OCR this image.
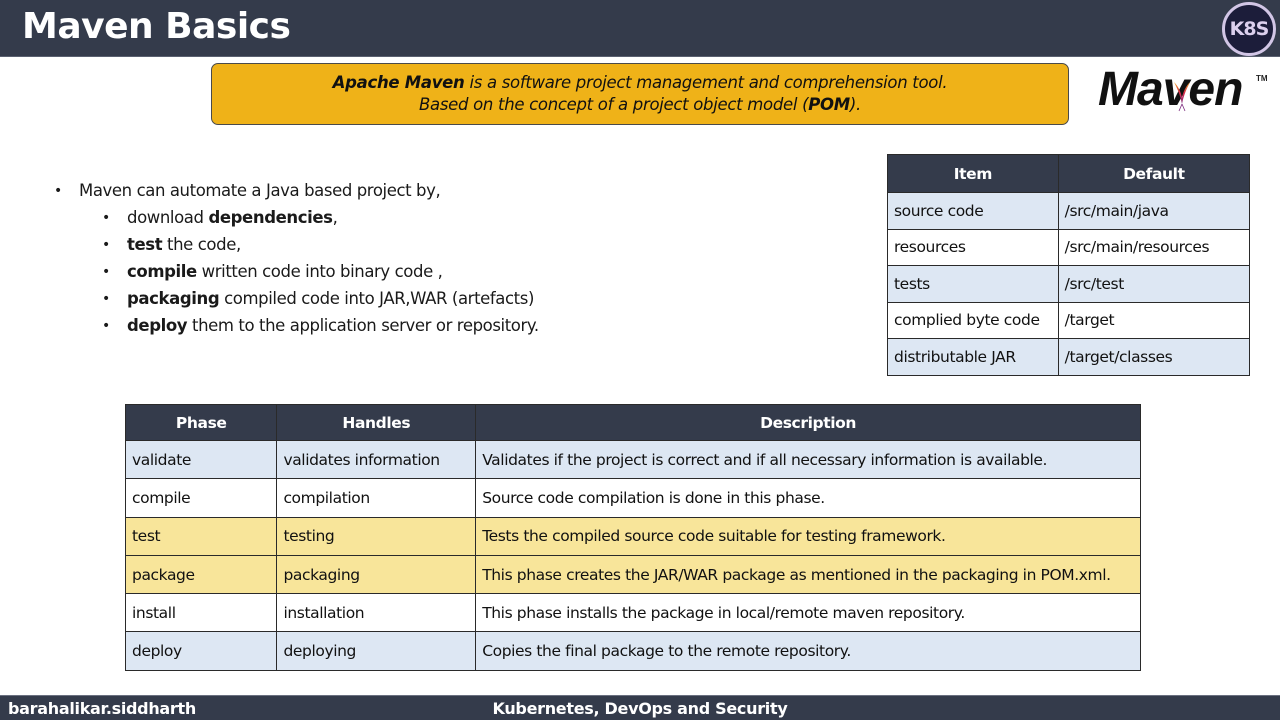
Maven Basics	K8S
Apache Maven is a software project management and comprehension tool.
Based on the concept of a project object model (POM).	Maven TM
• Maven can automate a Java based project by,
• download dependencies,
• test the code,
• compile written code into binary code ,
• packaging compiled code into JAR,WAR (artefacts)
• deploy them to the application server or repository.
Item	Default
source code	/src/main/java
resources	/src/main/resources
tests	/src/test
complied byte code	/target
distributable JAR	/target/classes
Phase	Handles	Description
validate	validates information	Validates if the project is correct and if all necessary information is available.
compile	compilation	Source code compilation is done in this phase.
test	testing	Tests the compiled source code suitable for testing framework.
package	packaging	This phase creates the JAR/WAR package as mentioned in the packaging in POM.xml.
install	installation	This phase installs the package in local/remote maven repository.
deploy	deploying	Copies the final package to the remote repository.
Kubernetes, DevOps and Security
barahalikar.siddharth
